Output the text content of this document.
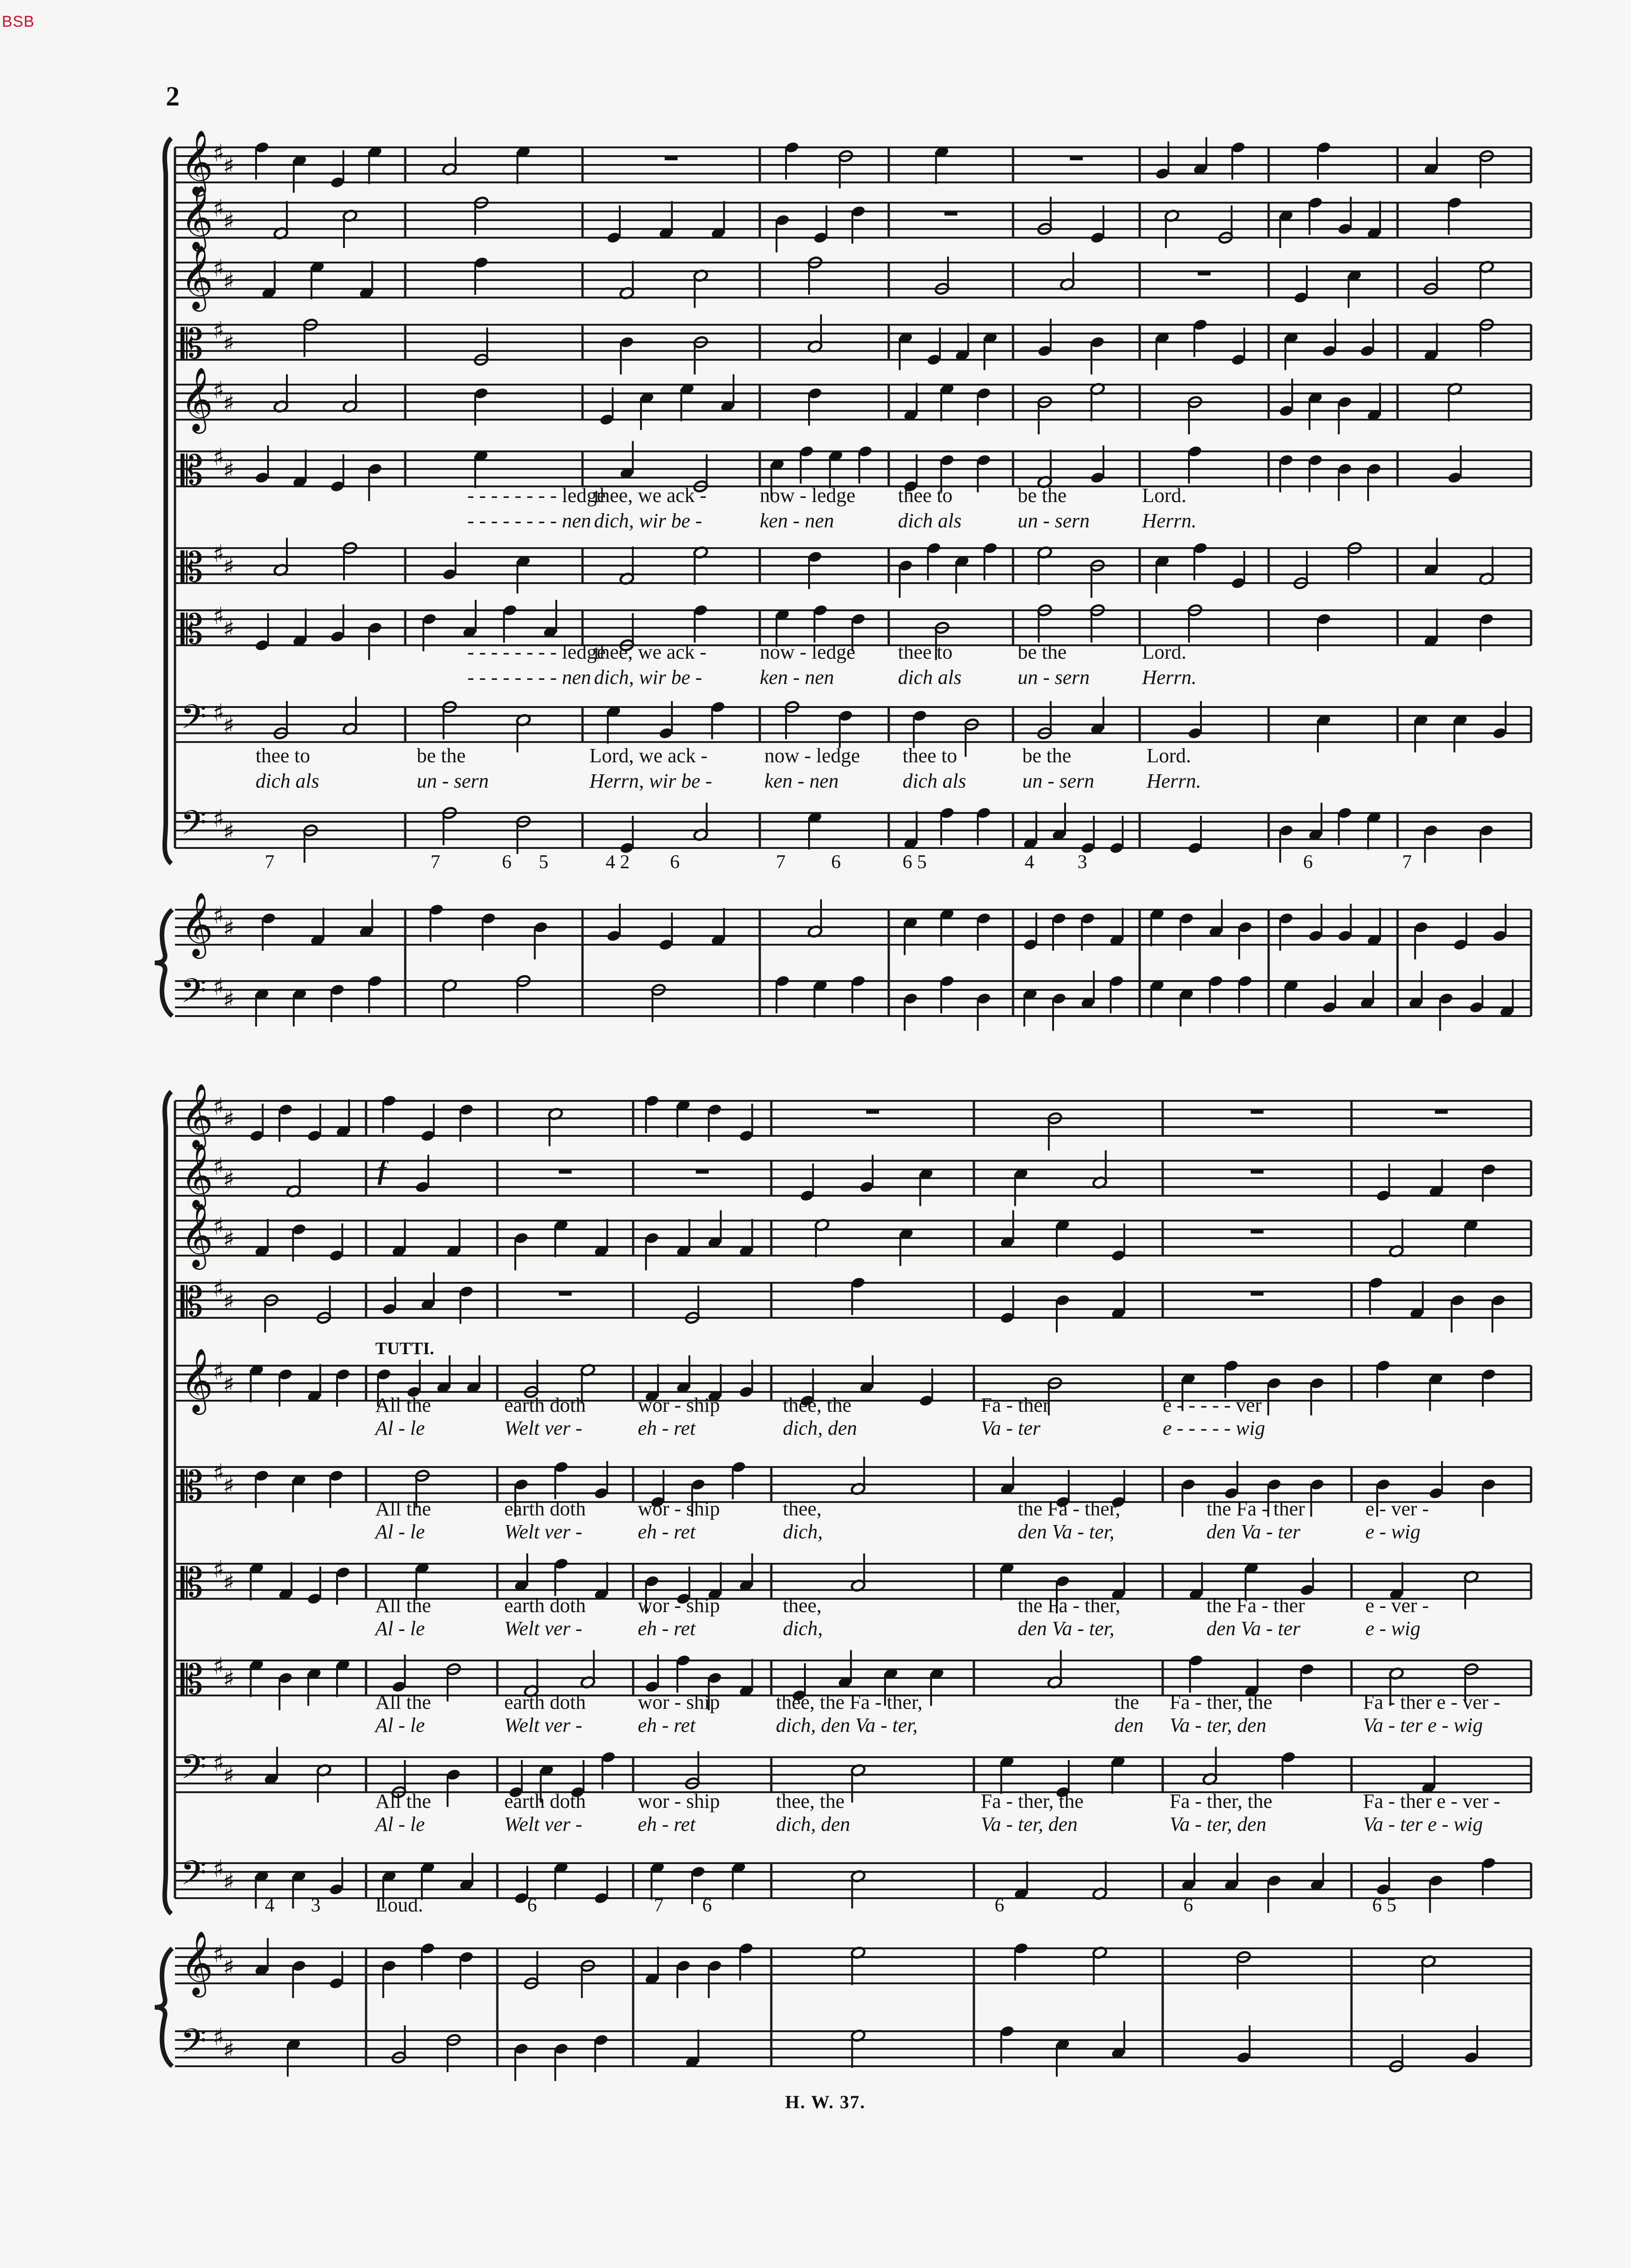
BSB
2
𝄞 ♯
♯
𝄞 ♯
♯
𝄞 ♯
♯
𝄡 ♯
♯
𝄞 ♯
♯
𝄡 ♯
♯
𝄡 ♯
♯
𝄡 ♯
♯
𝄢 ♯
♯
𝄢 ♯
♯
𝄞 ♯
♯
𝄢 ♯
♯
𝄞 ♯
♯
𝄞 ♯
♯
𝄞 ♯
♯
𝄡 ♯
♯
𝄞 ♯
♯
𝄡 ♯
♯
𝄡 ♯
♯
𝄡 ♯
♯
𝄢 ♯
♯
𝄢 ♯
♯
𝄞 ♯
♯
𝄢 ♯
♯
- - - - - - - - ledge
thee, we ack -	now - ledge thee to	be the	Lord.
- - - - - - - - nen dich, wir be -	ken - nen	dich als	un - sern	Herrn.
- - - - - - - - ledge
thee, we ack -	now - ledge thee to	be the	Lord.
- - - - - - - - nen dich, wir be -	ken - nen	dich als	un - sern	Herrn.
thee to	be the	Lord, we ack -	now - ledge thee to	be the	Lord.
dich als	un - sern	Herrn, wir be -	ken - nen	dich als	un - sern	Herrn.
7	7	6 5	4 2 6	7 6	6 5	4 3	6	7
TUTTI.
f
Loud.
All the	earth doth	wor - ship	thee, the	Fa - ther	e - - - - - ver
Al - le	Welt ver -	eh - ret	dich, den	Va - ter	e - - - - - wig
All the	earth doth	wor - ship	thee,	the Fa - ther,	the Fa - ther	e - ver -
Al - le	Welt ver -	eh - ret	dich,	den Va - ter,	den Va - ter	e - wig
All the	earth doth	wor - ship	thee,	the Fa - ther,	the Fa - ther	e - ver -
Al - le	Welt ver -	eh - ret	dich,	den Va - ter,	den Va - ter	e - wig
All the	earth doth	wor - ship	thee, the Fa - ther,	the Fa - ther, the	Fa - ther e - ver -
Al - le	Welt ver -	eh - ret	dich, den Va - ter,	den Va - ter, den	Va - ter e - wig
All the	earth doth	wor - ship	thee, the	Fa - ther, the	Fa - ther, the	Fa - ther e - ver -
Al - le	Welt ver -	eh - ret	dich, den	Va - ter, den	Va - ter, den	Va - ter e - wig
4 3	6	7 6	6	6	6 5
H. W. 37.
